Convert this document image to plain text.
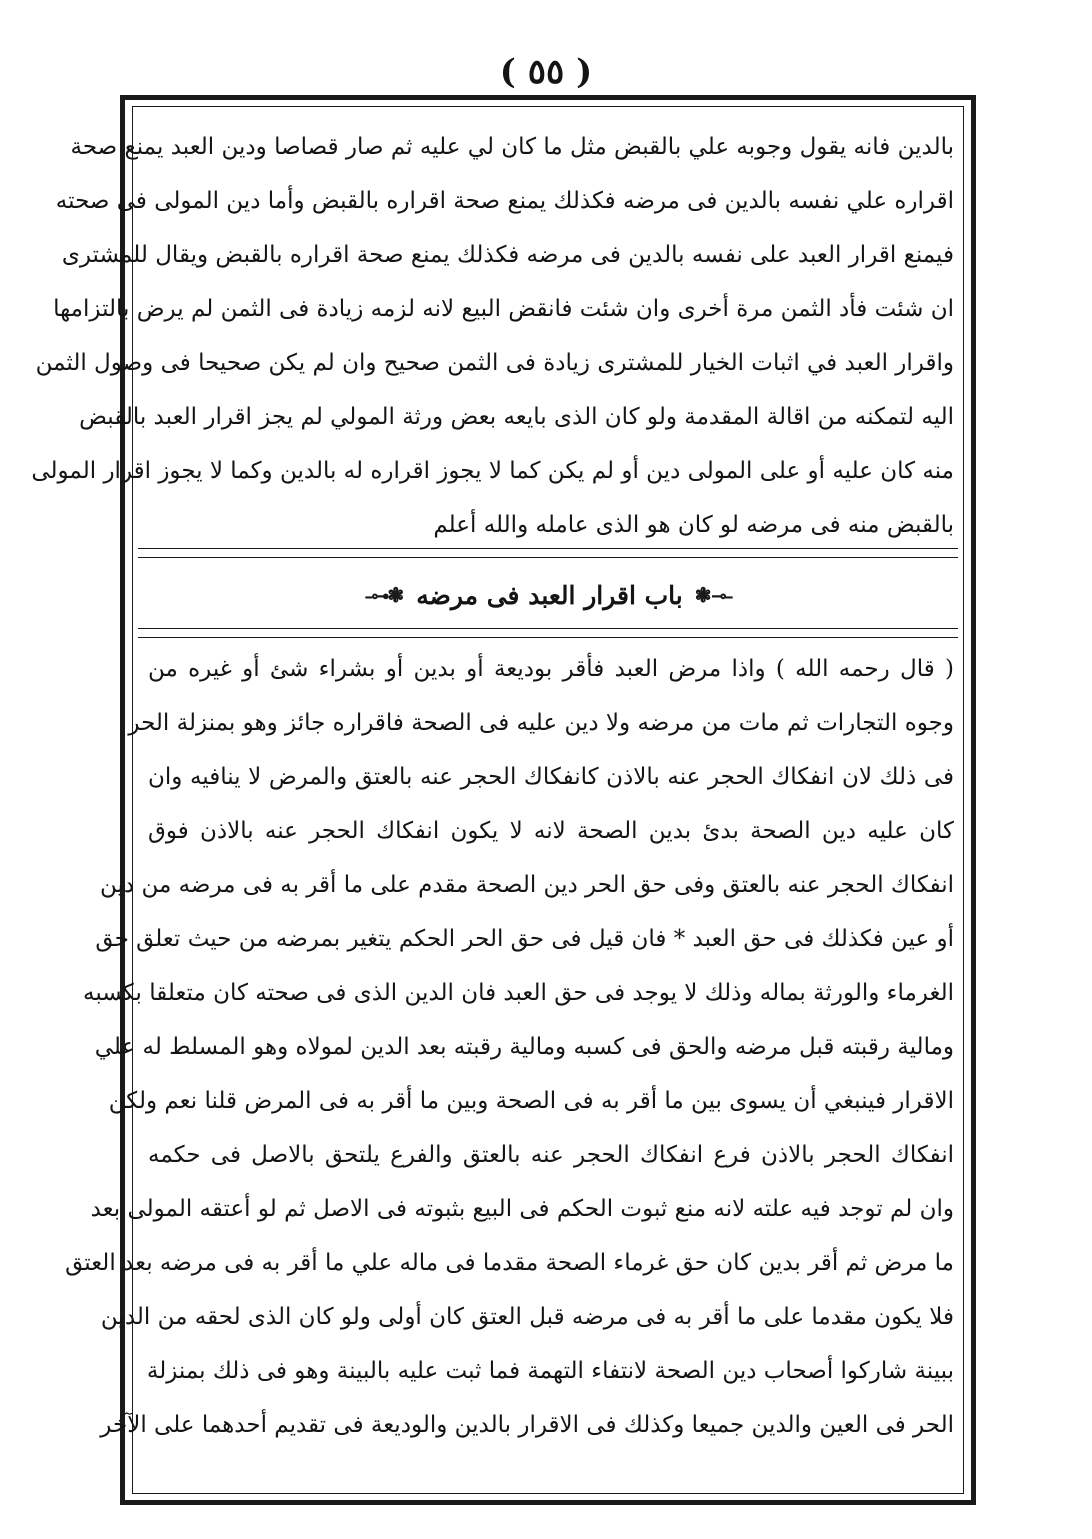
( ٥٥ )
بالدين فانه يقول وجوبه علي بالقبض مثل ما كان لي عليه ثم صار قصاصا ودين العبد يمنع صحة
اقراره علي نفسه بالدين فى مرضه فكذلك يمنع صحة اقراره بالقبض وأما دين المولى فى صحته
فيمنع اقرار العبد على نفسه بالدين فى مرضه فكذلك يمنع صحة اقراره بالقبض ويقال للمشترى
ان شئت فأد الثمن مرة أخرى وان شئت فانقض البيع لانه لزمه زيادة فى الثمن لم يرض بالتزامها
واقرار العبد في اثبات الخيار للمشترى زيادة فى الثمن صحيح وان لم يكن صحيحا فى وصول الثمن
اليه لتمكنه من اقالة المقدمة ولو كان الذى بايعه بعض ورثة المولي لم يجز اقرار العبد بالقبض
منه كان عليه أو على المولى دين أو لم يكن كما لا يجوز اقراره له بالدين وكما لا يجوز اقرار المولى
بالقبض منه فى مرضه لو كان هو الذى عامله والله أعلم
–⊸❃
باب اقرار العبد فى مرضه
❃⊷–
( قال رحمه الله ) واذا مرض العبد فأقر بوديعة أو بدين أو بشراء شئ أو غيره من
وجوه التجارات ثم مات من مرضه ولا دين عليه فى الصحة فاقراره جائز وهو بمنزلة الحر
فى ذلك لان انفكاك الحجر عنه بالاذن كانفكاك الحجر عنه بالعتق والمرض لا ينافيه وان
كان عليه دين الصحة بدئ بدين الصحة لانه لا يكون انفكاك الحجر عنه بالاذن فوق
انفكاك الحجر عنه بالعتق وفى حق الحر دين الصحة مقدم على ما أقر به فى مرضه من دين
أو عين فكذلك فى حق العبد * فان قيل فى حق الحر الحكم يتغير بمرضه من حيث تعلق حق
الغرماء والورثة بماله وذلك لا يوجد فى حق العبد فان الدين الذى فى صحته كان متعلقا بكسبه
ومالية رقبته قبل مرضه والحق فى كسبه ومالية رقبته بعد الدين لمولاه وهو المسلط له علي
الاقرار فينبغي أن يسوى بين ما أقر به فى الصحة وبين ما أقر به فى المرض قلنا نعم ولكن
انفكاك الحجر بالاذن فرع انفكاك الحجر عنه بالعتق والفرع يلتحق بالاصل فى حكمه
وان لم توجد فيه علته لانه منع ثبوت الحكم فى البيع بثبوته فى الاصل ثم لو أعتقه المولى بعد
ما مرض ثم أقر بدين كان حق غرماء الصحة مقدما فى ماله علي ما أقر به فى مرضه بعد العتق
فلا يكون مقدما على ما أقر به فى مرضه قبل العتق كان أولى ولو كان الذى لحقه من الدين
ببينة شاركوا أصحاب دين الصحة لانتفاء التهمة فما ثبت عليه بالبينة وهو فى ذلك بمنزلة
الحر فى العين والدين جميعا وكذلك فى الاقرار بالدين والوديعة فى تقديم أحدهما على الآخر
